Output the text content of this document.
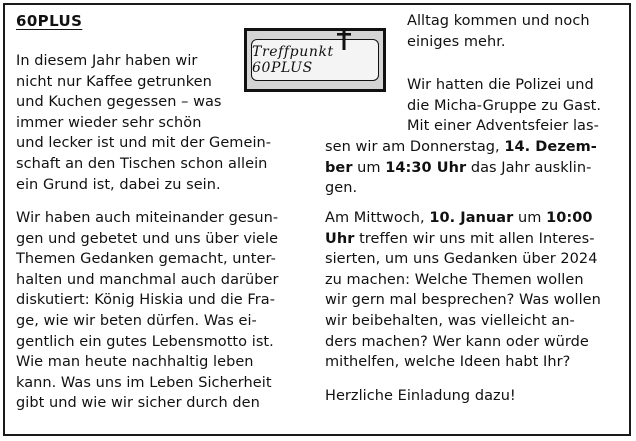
60PLUS
Treffpunkt 60PLUS
In diesem Jahr haben wir
nicht nur Kaffee getrunken
und Kuchen gegessen – was
immer wieder sehr schön
und lecker ist und mit der Gemein-
schaft an den Tischen schon allein
ein Grund ist, dabei zu sein.
Wir haben auch miteinander gesun-
gen und gebetet und uns über viele
Themen Gedanken gemacht, unter-
halten und manchmal auch darüber
diskutiert: König Hiskia und die Fra-
ge, wie wir beten dürfen. Was ei-
gentlich ein gutes Lebensmotto ist.
Wie man heute nachhaltig leben
kann. Was uns im Leben Sicherheit
gibt und wie wir sicher durch den
Alltag kommen und noch
einiges mehr.
Wir hatten die Polizei und
die Micha-Gruppe zu Gast.
Mit einer Adventsfeier las-
sen wir am Donnerstag, 14. Dezem-
ber um 14:30 Uhr das Jahr ausklin-
gen.
Am Mittwoch, 10. Januar um 10:00
Uhr treffen wir uns mit allen Interes-
sierten, um uns Gedanken über 2024
zu machen: Welche Themen wollen
wir gern mal besprechen? Was wollen
wir beibehalten, was vielleicht an-
ders machen? Wer kann oder würde
mithelfen, welche Ideen habt Ihr?
Herzliche Einladung dazu!
